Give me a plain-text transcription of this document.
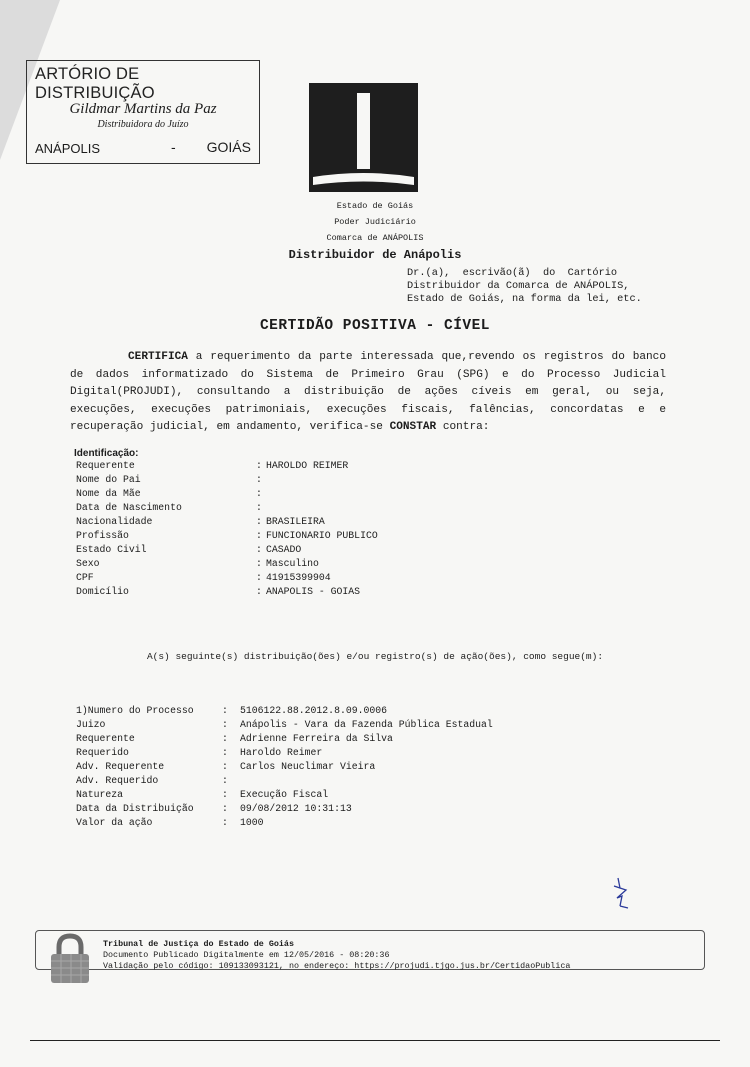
ARTÓRIO DE DISTRIBUIÇÃO
Gildmar Martins da Paz
Distribuidora do Juízo
ANÁPOLIS	- GOIÁS
Estado de Goiás
Poder Judiciário
Comarca de ANÁPOLIS
Distribuidor de Anápolis
Dr.(a),  escrivão(ã)  do  Cartório
Distribuidor da Comarca de ANÁPOLIS,
Estado de Goiás, na forma da lei, etc.
CERTIDÃO POSITIVA - CÍVEL
CERTIFICA a requerimento da parte interessada que,revendo os registros do banco de dados informatizado do Sistema de Primeiro Grau (SPG) e do Processo Judicial Digital(PROJUDI), consultando a distribuição de ações cíveis em geral, ou seja, execuções, execuções patrimoniais, execuções fiscais, falências, concordatas e e recuperação judicial, em andamento, verifica-se CONSTAR contra:
Identificação:
Requerente	: HAROLDO REIMER
Nome do Pai	:
Nome da Mãe	:
Data de Nascimento	:
Nacionalidade	: BRASILEIRA
Profissão	: FUNCIONARIO PUBLICO
Estado Civil	: CASADO
Sexo	: Masculino
CPF	: 41915399904
Domicílio	: ANAPOLIS - GOIAS
A(s) seguinte(s) distribuição(ões) e/ou registro(s) de ação(ões), como segue(m):
1)Numero do Processo	: 5106122.88.2012.8.09.0006
Juizo	: Anápolis - Vara da Fazenda Pública Estadual
Requerente	: Adrienne Ferreira da Silva
Requerido	: Haroldo Reimer
Adv. Requerente	: Carlos Neuclimar Vieira
Adv. Requerido	:
Natureza	: Execução Fiscal
Data da Distribuição	: 09/08/2012 10:31:13
Valor da ação	: 1000
Tribunal de Justiça do Estado de Goiás
Documento Publicado Digitalmente em 12/05/2016 - 08:20:36
Validação pelo código: 109133093121, no endereço: https://projudi.tjgo.jus.br/CertidaoPublica
